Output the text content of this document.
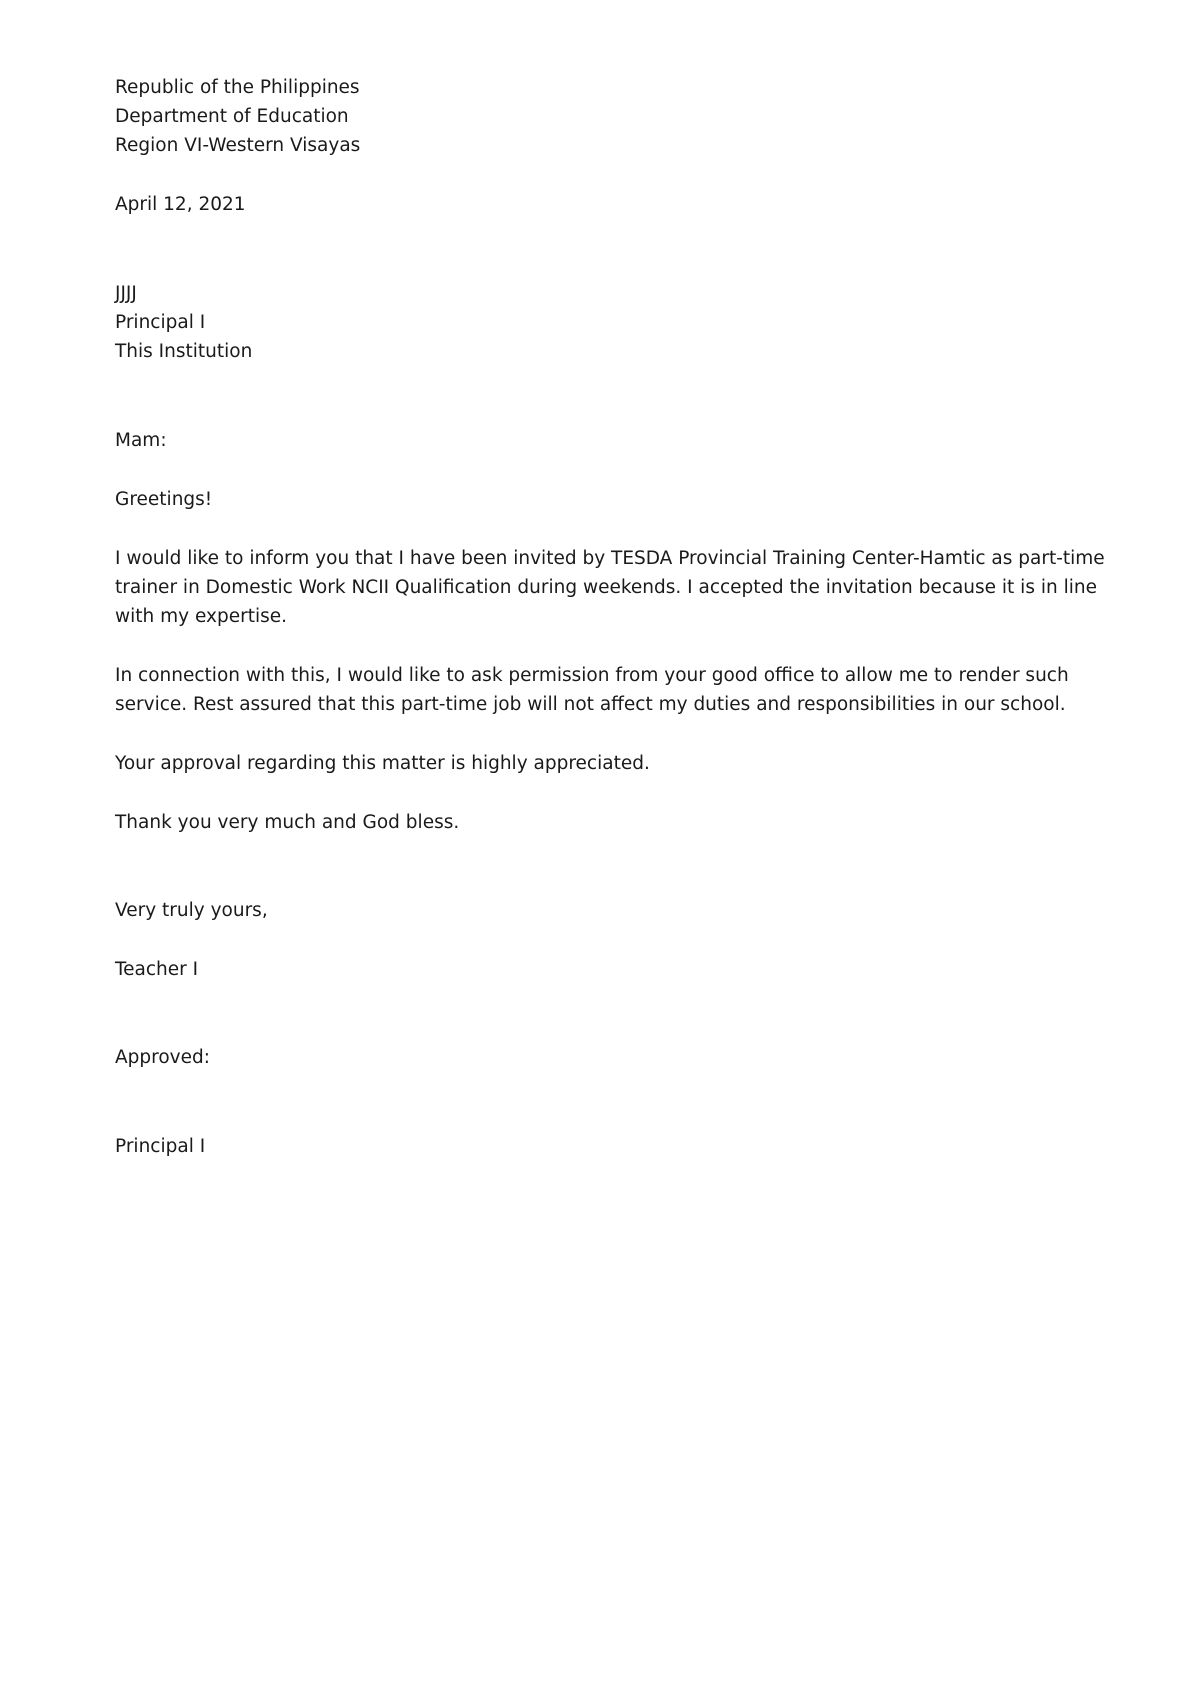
Republic of the Philippines

Department of Education

Region VI-Western Visayas

April 12, 2021

JJJJ

Principal I

This Institution

Mam:

Greetings!

I would like to inform you that I have been invited by TESDA Provincial Training Center-Hamtic as part-time trainer in Domestic Work NCII Qualification during weekends. I accepted the invitation because it is in line with my expertise.

In connection with this, I would like to ask permission from your good office to allow me to render such service. Rest assured that this part-time job will not affect my duties and responsibilities in our school.

Your approval regarding this matter is highly appreciated.

Thank you very much and God bless.

Very truly yours,

Teacher I

Approved:

Principal I
